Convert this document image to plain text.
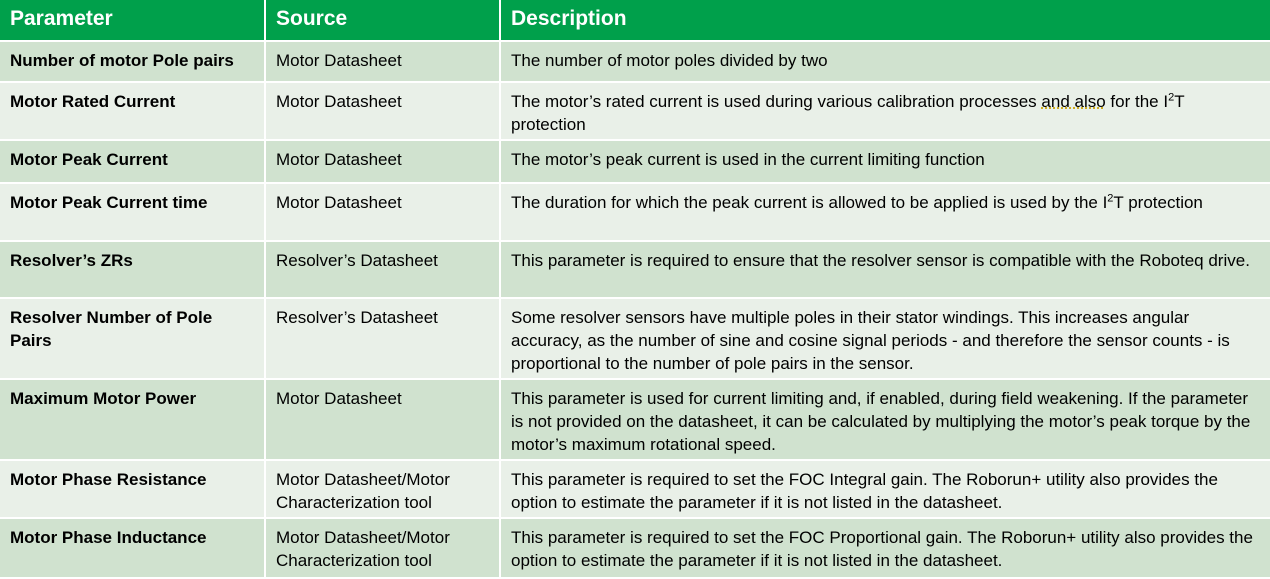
Parameter	Source	Description
Number of motor Pole pairs	Motor Datasheet	The number of motor poles divided by two
Motor Rated Current	Motor Datasheet	The motor’s rated current is used during various calibration processes and also for the $I^2T$ protection
Motor Peak Current	Motor Datasheet	The motor’s peak current is used in the current limiting function
Motor Peak Current time	Motor Datasheet	The duration for which the peak current is allowed to be applied is used by the $I^2T$ protection
Resolver’s ZRs	Resolver’s Datasheet	This parameter is required to ensure that the resolver sensor is compatible with the Roboteq drive.
Resolver Number of Pole Pairs	Resolver’s Datasheet	Some resolver sensors have multiple poles in their stator windings. This increases angular accuracy, as the number of sine and cosine signal periods - and therefore the sensor counts - is proportional to the number of pole pairs in the sensor.
Maximum Motor Power	Motor Datasheet	This parameter is used for current limiting and, if enabled, during field weakening. If the parameter is not provided on the datasheet, it can be calculated by multiplying the motor’s peak torque by the motor’s maximum rotational speed.
Motor Phase Resistance	Motor Datasheet/Motor Characterization tool	This parameter is required to set the FOC Integral gain. The Roborun+ utility also provides the option to estimate the parameter if it is not listed in the datasheet.
Motor Phase Inductance	Motor Datasheet/Motor Characterization tool	This parameter is required to set the FOC Proportional gain. The Roborun+ utility also provides the option to estimate the parameter if it is not listed in the datasheet.
